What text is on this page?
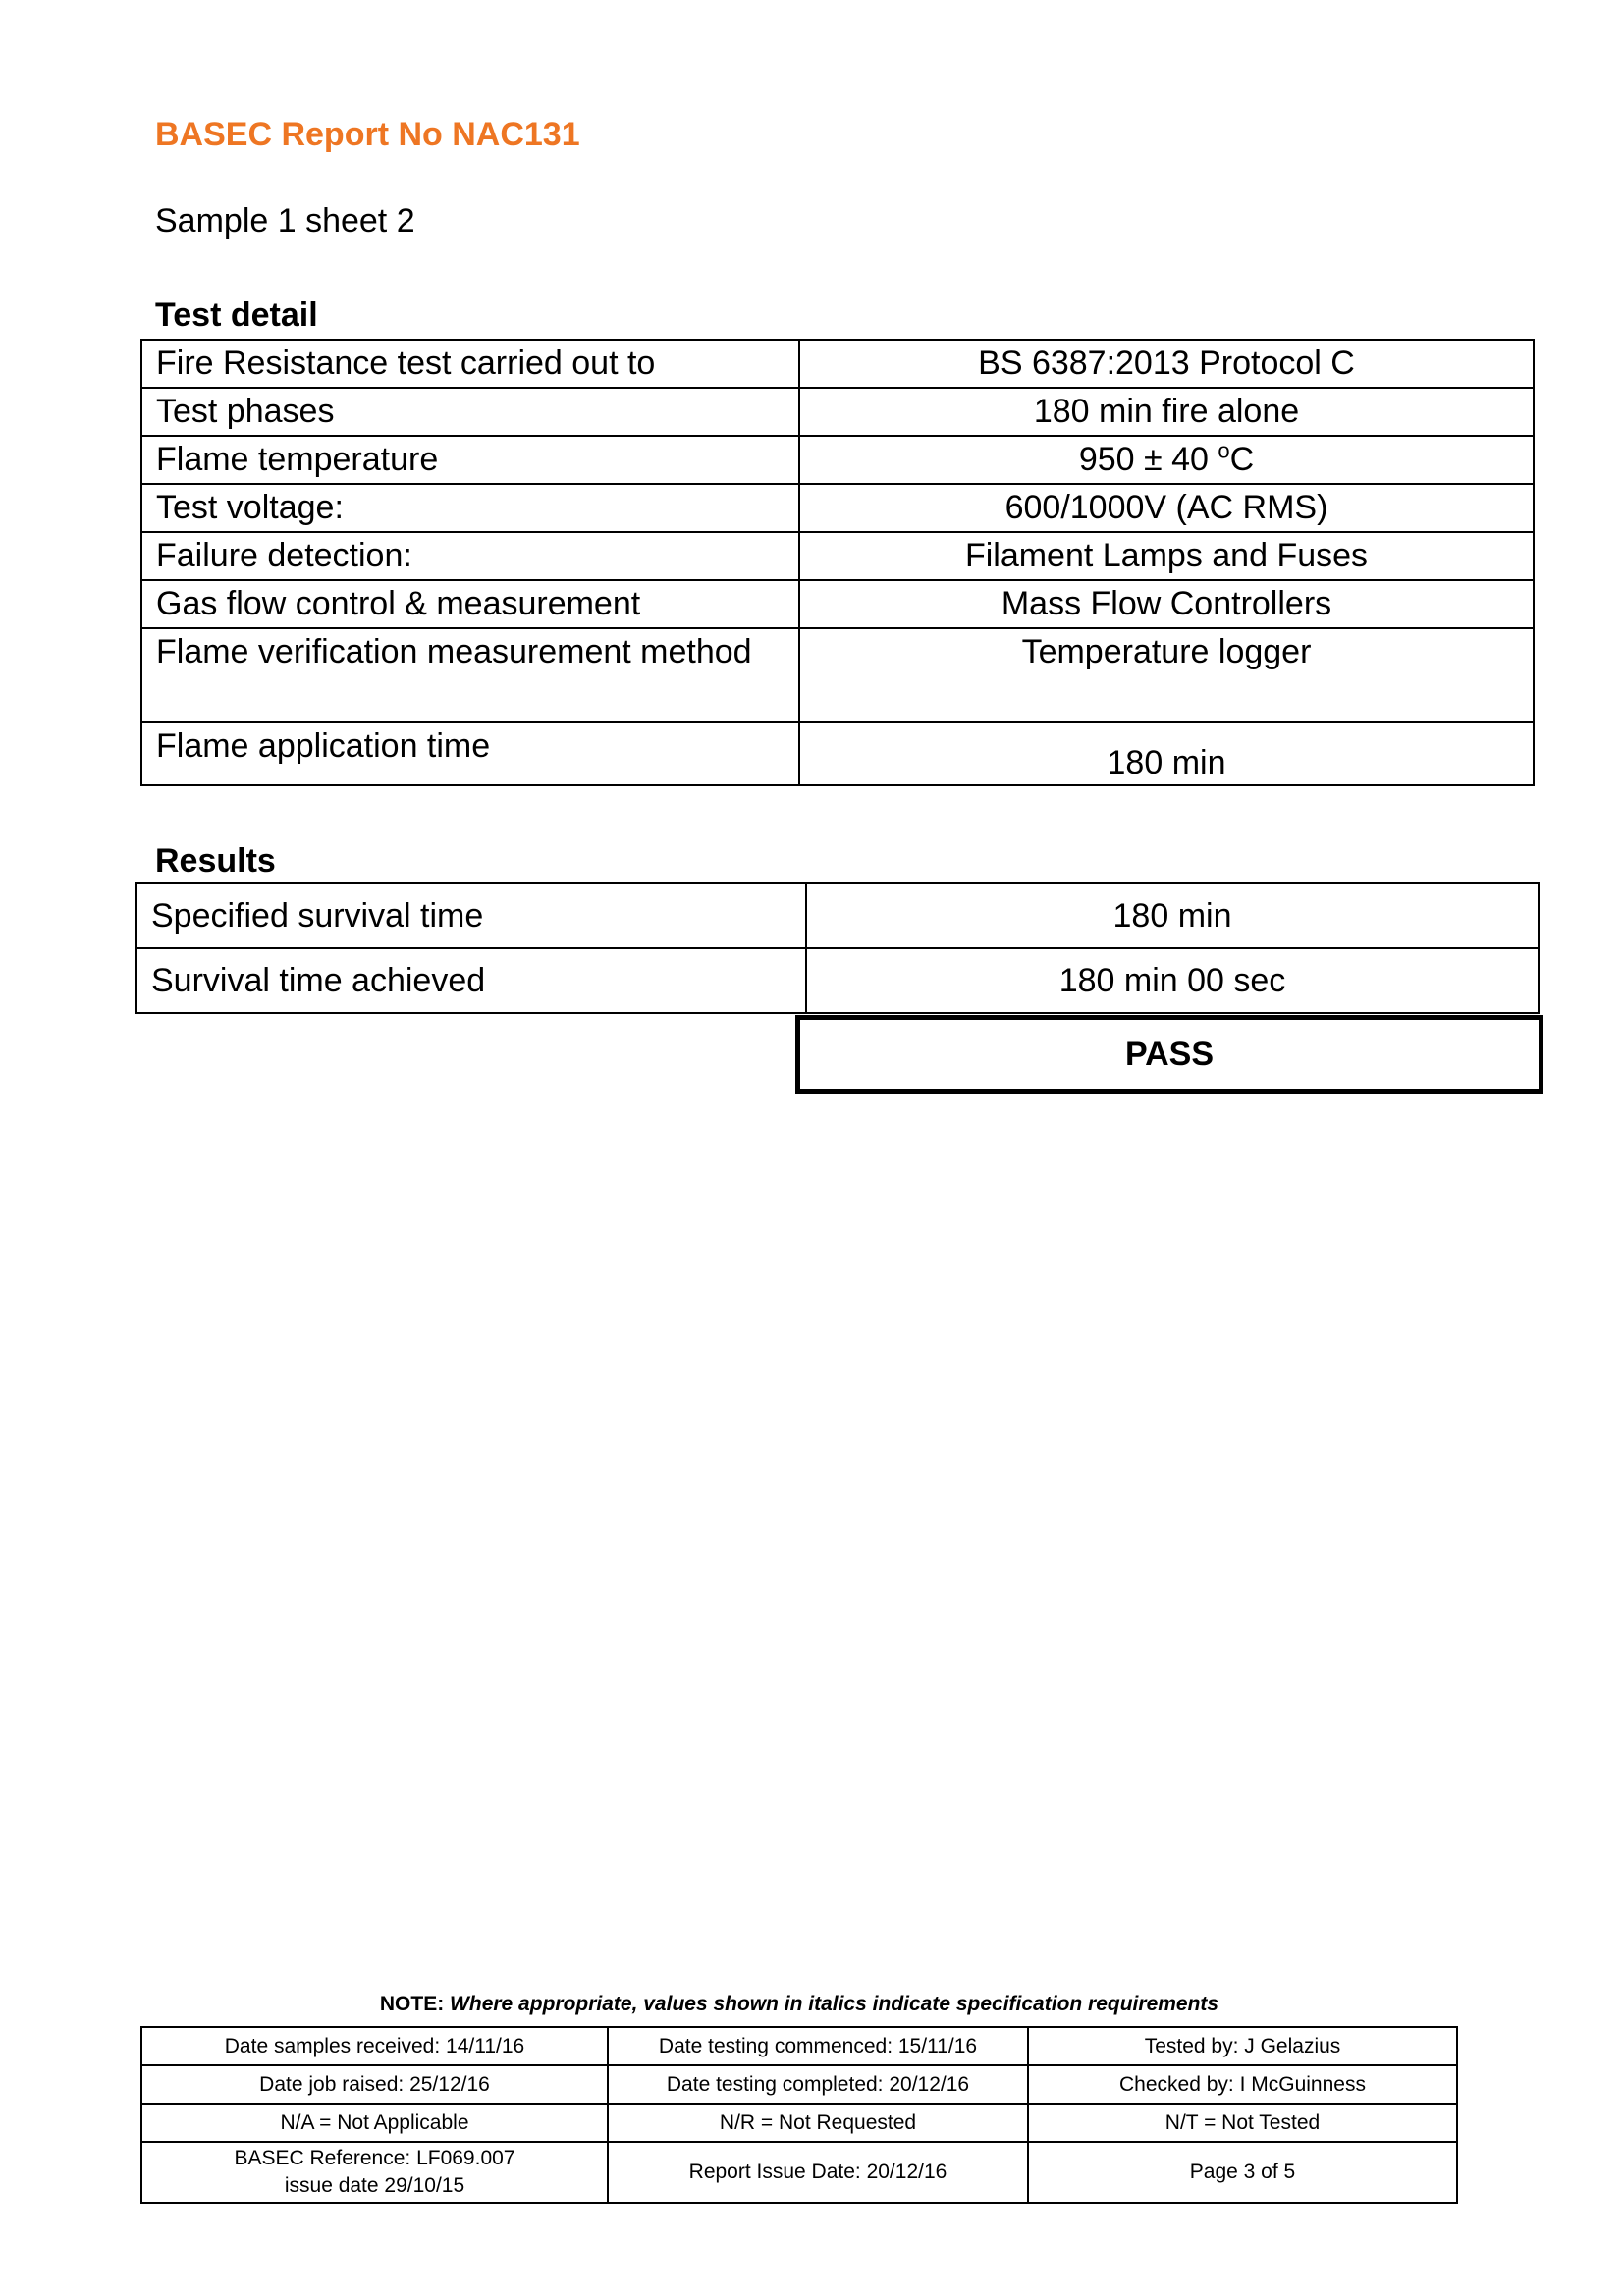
BASEC Report No NAC131
Sample 1 sheet 2
Test detail
Fire Resistance test carried out to	BS 6387:2013 Protocol C
Test phases	180 min fire alone
Flame temperature	950 ± 40 $^o$C
Test voltage:	600/1000V (AC RMS)
Failure detection:	Filament Lamps and Fuses
Gas flow control & measurement	Mass Flow Controllers
Flame verification measurement method	Temperature logger
Flame application time	180 min
Results
Specified survival time	180 min
Survival time achieved	180 min 00 sec
PASS
NOTE: Where appropriate, values shown in italics indicate specification requirements
Date samples received: 14/11/16	Date testing commenced: 15/11/16	Tested by: J Gelazius
Date job raised: 25/12/16	Date testing completed: 20/12/16	Checked by: I McGuinness
N/A = Not Applicable	N/R = Not Requested	N/T = Not Tested

BASEC Reference: LF069.007
issue date 29/10/15	Report Issue Date: 20/12/16	Page 3 of 5
